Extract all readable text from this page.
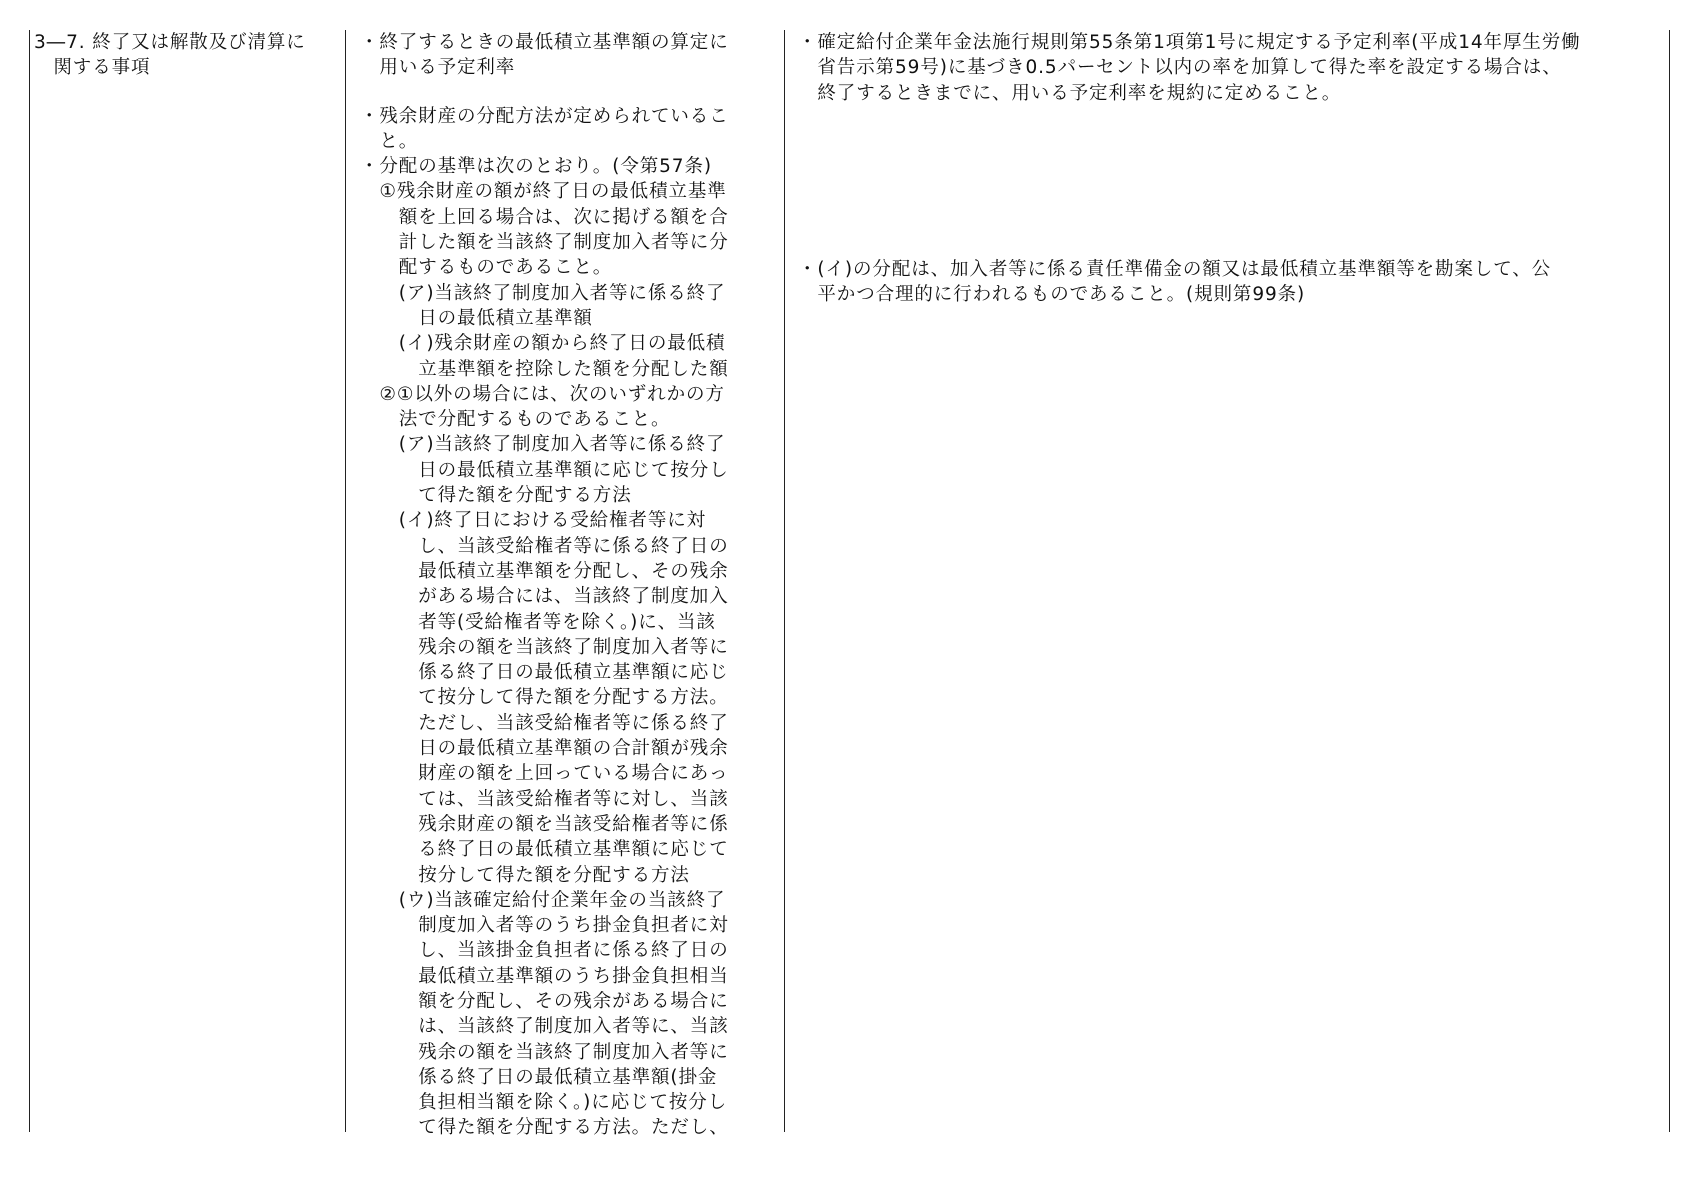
3―7. 終了又は解散及び清算に
　関する事項
・終了するときの最低積立基準額の算定に
　用いる予定利率
・残余財産の分配方法が定められているこ
　と。
・分配の基準は次のとおり。(令第57条)
　①残余財産の額が終了日の最低積立基準
　　額を上回る場合は、次に掲げる額を合
　　計した額を当該終了制度加入者等に分
　　配するものであること。
　　(ア)当該終了制度加入者等に係る終了
　　　日の最低積立基準額
　　(イ)残余財産の額から終了日の最低積
　　　立基準額を控除した額を分配した額
　②①以外の場合には、次のいずれかの方
　　法で分配するものであること。
　　(ア)当該終了制度加入者等に係る終了
　　　日の最低積立基準額に応じて按分し
　　　て得た額を分配する方法
　　(イ)終了日における受給権者等に対
　　　し、当該受給権者等に係る終了日の
　　　最低積立基準額を分配し、その残余
　　　がある場合には、当該終了制度加入
　　　者等(受給権者等を除く。)に、当該
　　　残余の額を当該終了制度加入者等に
　　　係る終了日の最低積立基準額に応じ
　　　て按分して得た額を分配する方法。
　　　ただし、当該受給権者等に係る終了
　　　日の最低積立基準額の合計額が残余
　　　財産の額を上回っている場合にあっ
　　　ては、当該受給権者等に対し、当該
　　　残余財産の額を当該受給権者等に係
　　　る終了日の最低積立基準額に応じて
　　　按分して得た額を分配する方法
　　(ウ)当該確定給付企業年金の当該終了
　　　制度加入者等のうち掛金負担者に対
　　　し、当該掛金負担者に係る終了日の
　　　最低積立基準額のうち掛金負担相当
　　　額を分配し、その残余がある場合に
　　　は、当該終了制度加入者等に、当該
　　　残余の額を当該終了制度加入者等に
　　　係る終了日の最低積立基準額(掛金
　　　負担相当額を除く。)に応じて按分し
　　　て得た額を分配する方法。ただし、
・確定給付企業年金法施行規則第55条第1項第1号に規定する予定利率(平成14年厚生労働
　省告示第59号)に基づき0.5パーセント以内の率を加算して得た率を設定する場合は、
　終了するときまでに、用いる予定利率を規約に定めること。
・(イ)の分配は、加入者等に係る責任準備金の額又は最低積立基準額等を勘案して、公
　平かつ合理的に行われるものであること。(規則第99条)
